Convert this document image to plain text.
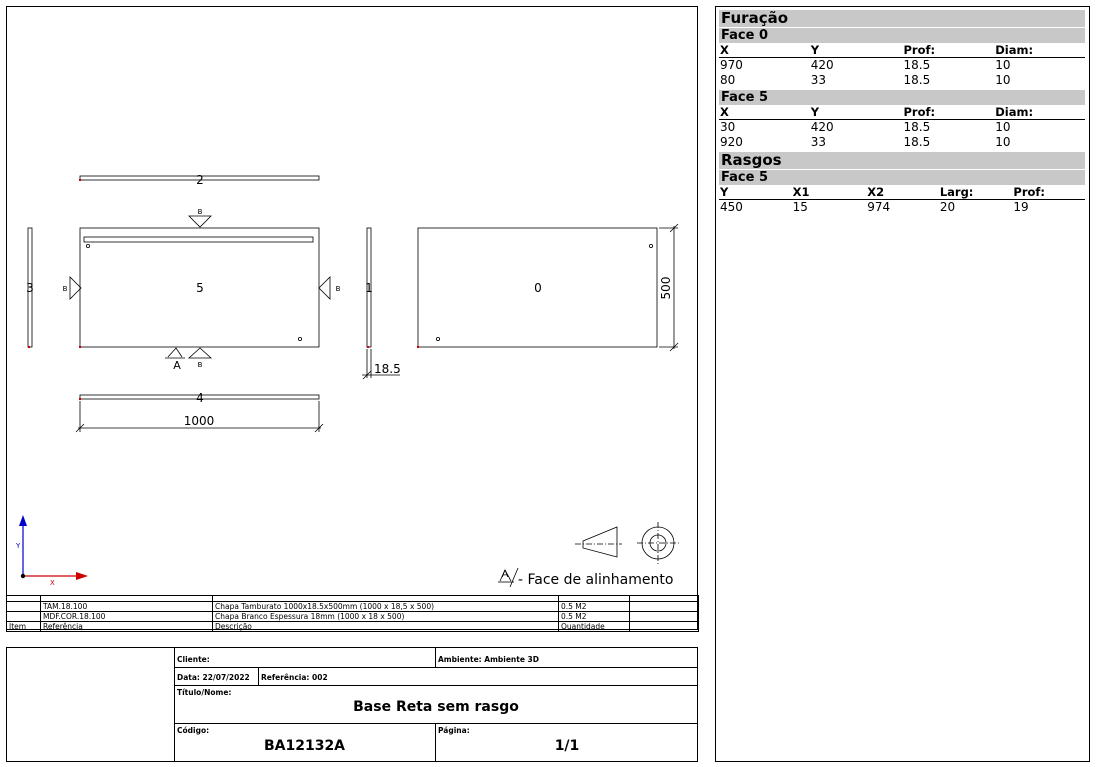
2
3	5	1	0
4
1000
500
18.5
B
B	B
B
Y
X
A
A - Face de alinhamento

	TAM.18.100	Chapa Tamburato 1000x18.5x500mm (1000 x 18,5 x 500)	0.5 M2	
	MDF.COR.18.100	Chapa Branco Espessura 18mm (1000 x 18 x 500)	0.5 M2	
Item	Referência	Descrição	Quantidade	
Cliente:	Ambiente: Ambiente 3D
Data: 22/07/2022 Referência: 002
Título/Nome:
Base Reta sem rasgo
Código:
BA12132A
Página:
1/1
Furação
Face 0
X	Y	Prof:	Diam:
970	420	18.5	10
80	33	18.5	10
Face 5
X	Y	Prof:	Diam:
30	420	18.5	10
920	33	18.5	10
Rasgos
Face 5
Y	X1	X2	Larg:	Prof:
450	15	974	20	19
